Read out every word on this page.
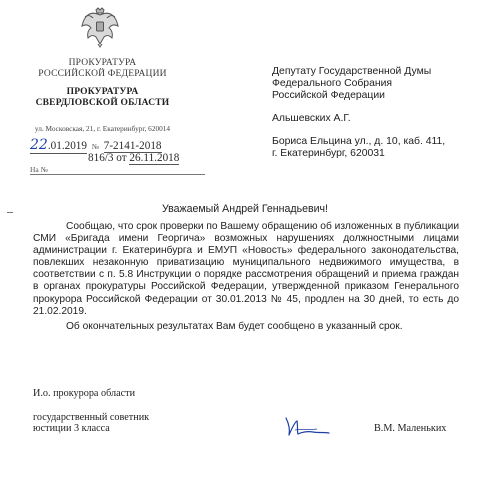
ПРОКУРАТУРА
РОССИЙСКОЙ ФЕДЕРАЦИИ
ПРОКУРАТУРА
СВЕРДЛОВСКОЙ ОБЛАСТИ
ул. Московская, 21, г. Екатеринбург, 620014
22.01.2019 № 7-2141-2018
816/3 от 26.11.2018
На №
Депутату Государственной Думы
Федерального Собрания
Российской Федерации
Альшевских А.Г.
Бориса Ельцина ул., д. 10, каб. 411,
г. Екатеринбург, 620031
Уважаемый Андрей Геннадьевич!

Сообщаю, что срок проверки по Вашему обращению об изложенных в публикации СМИ «Бригада имени Георгича» возможных нарушениях должностными лицами администрации г. Екатеринбурга и ЕМУП «Новость» федерального законодательства, повлекших незаконную приватизацию муниципального недвижимого имущества, в соответствии с п. 5.8 Инструкции о порядке рассмотрения обращений и приема граждан в органах прокуратуры Российской Федерации, утвержденной приказом Генерального прокурора Российской Федерации от 30.01.2013 № 45, продлен на 30 дней, то есть до 21.02.2019.

Об окончательных результатах Вам будет сообщено в указанный срок.

И.о. прокурора области
государственный советник
юстиции 3 класса	В.М. Маленьких
